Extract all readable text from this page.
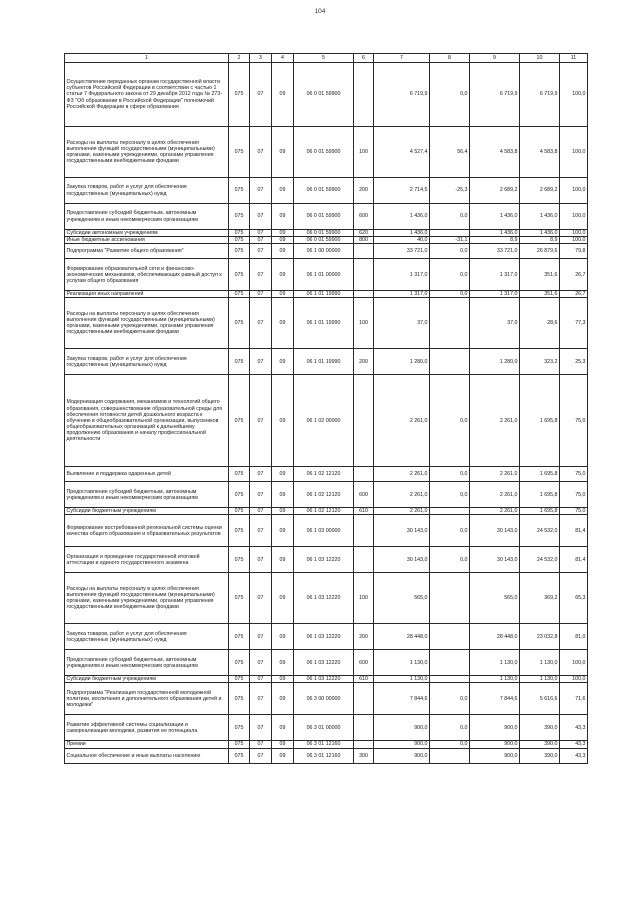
104
1	2	3	4	5	6	7	8	9	10	11
Осуществление переданных органам государственной власти субъектов Российской Федерации в соответствии с частью 1 статьи 7 Федерального закона от 29 декабря 2012 года № 273-ФЗ "Об образовании в Российской Федерации" полномочий Российской Федерации в сфере образования	075	07	09	06 0 01 59900		6 719,9	0,0	6 719,9	6 719,9	100,0
Расходы на выплаты персоналу в целях обеспечения выполнения функций государственными (муниципальными) органами, казенными учреждениями, органами управления государственными внебюджетными фондами	075	07	09	06 0 01 59900	100	4 527,4	56,4	4 583,8	4 583,8	100,0
Закупка товаров, работ и услуг для обеспечения государственных (муниципальных) нужд	075	07	09	06 0 01 59900	200	2 714,5	-25,3	2 689,2	2 689,2	100,0
Предоставление субсидий бюджетным, автономным учреждениям и иным некоммерческим организациям	075	07	09	06 0 01 59900	600	1 436,0	0,0	1 436,0	1 436,0	100,0
Субсидии автономным учреждениям	075	07	09	06 0 01 59900	620	1 436,0		1 436,0	1 436,0	100,0
Иные бюджетные ассигнования	075	07	09	06 0 01 59900	800	40,0	-31,1	8,9	8,9	100,0
Подпрограмма "Развитие общего образования"	075	07	09	06 1 00 00000		33 721,0	0,0	33 721,0	26 879,6	79,8
Формирование образовательной сети и финансово-экономических механизмов, обеспечивающих равный доступ к услугам общего образования	075	07	09	06 1 01 00000		1 317,0	0,0	1 317,0	351,6	26,7
Реализация иных направлений	075	07	09	06 1 01 19990		1 317,0	0,0	1 317,0	351,6	26,7
Расходы на выплаты персоналу в целях обеспечения выполнения функций государственными (муниципальными) органами, казенными учреждениями, органами управления государственными внебюджетными фондами	075	07	09	06 1 01 19990	100	37,0		37,0	28,6	77,3
Закупка товаров, работ и услуг для обеспечения государственных (муниципальных) нужд	075	07	09	06 1 01 19990	200	1 280,0		1 280,0	323,2	25,3
Модернизация содержания, механизмов и технологий общего образования, совершенствование образовательной среды для обеспечения готовности детей дошкольного возраста к обучению в общеобразовательной организации, выпускников общеобразовательных организаций к дальнейшему продолжению образования и началу профессиональной деятельности	075	07	09	06 1 02 00000		2 261,0	0,0	2 261,0	1 695,8	75,0
Выявление и поддержка одаренных детей	075	07	09	06 1 02 12120		2 261,0	0,0	2 261,0	1 695,8	75,0
Предоставление субсидий бюджетным, автономным учреждениям и иным некоммерческим организациям	075	07	09	06 1 02 12120	600	2 261,0	0,0	2 261,0	1 695,8	75,0
Субсидии бюджетным учреждениям	075	07	09	06 1 02 12120	610	2 261,0		2 261,0	1 695,8	75,0
Формирование востребованной региональной системы оценки качества общего образования и образовательных результатов	075	07	09	06 1 03 00000		30 143,0	0,0	30 143,0	24 532,0	81,4
Организация и проведение государственной итоговой аттестации и единого государственного экзамена	075	07	09	06 1 03 12220		30 143,0	0,0	30 143,0	24 532,0	81,4
Расходы на выплаты персоналу в целях обеспечения выполнения функций государственными (муниципальными) органами, казенными учреждениями, органами управления государственными внебюджетными фондами	075	07	09	06 1 03 12220	100	565,0		565,0	369,2	65,3
Закупка товаров, работ и услуг для обеспечения государственных (муниципальных) нужд	075	07	09	06 1 03 12220	200	28 448,0		28 448,0	23 032,8	81,0
Предоставление субсидий бюджетным, автономным учреждениям и иным некоммерческим организациям	075	07	09	06 1 03 12220	600	1 130,0		1 130,0	1 130,0	100,0
Субсидии бюджетным учреждениям	075	07	09	06 1 03 12220	610	1 130,0		1 130,0	1 130,0	100,0
Подпрограмма "Реализация государственной молодежной политики, воспитания и дополнительного образования детей и молодежи"	075	07	09	06 3 00 00000		7 844,6	0,0	7 844,6	5 616,6	71,6
Развитие эффективной системы социализации и самореализации молодежи, развития ее потенциала	075	07	09	06 3 01 00000		900,0	0,0	900,0	390,0	43,3
Премии	075	07	09	06 3 01 12160		900,0	0,0	900,0	390,0	43,3
Социальное обеспечение и иные выплаты населению	075	07	09	06 3 01 12160	300	900,0		900,0	390,0	43,3
